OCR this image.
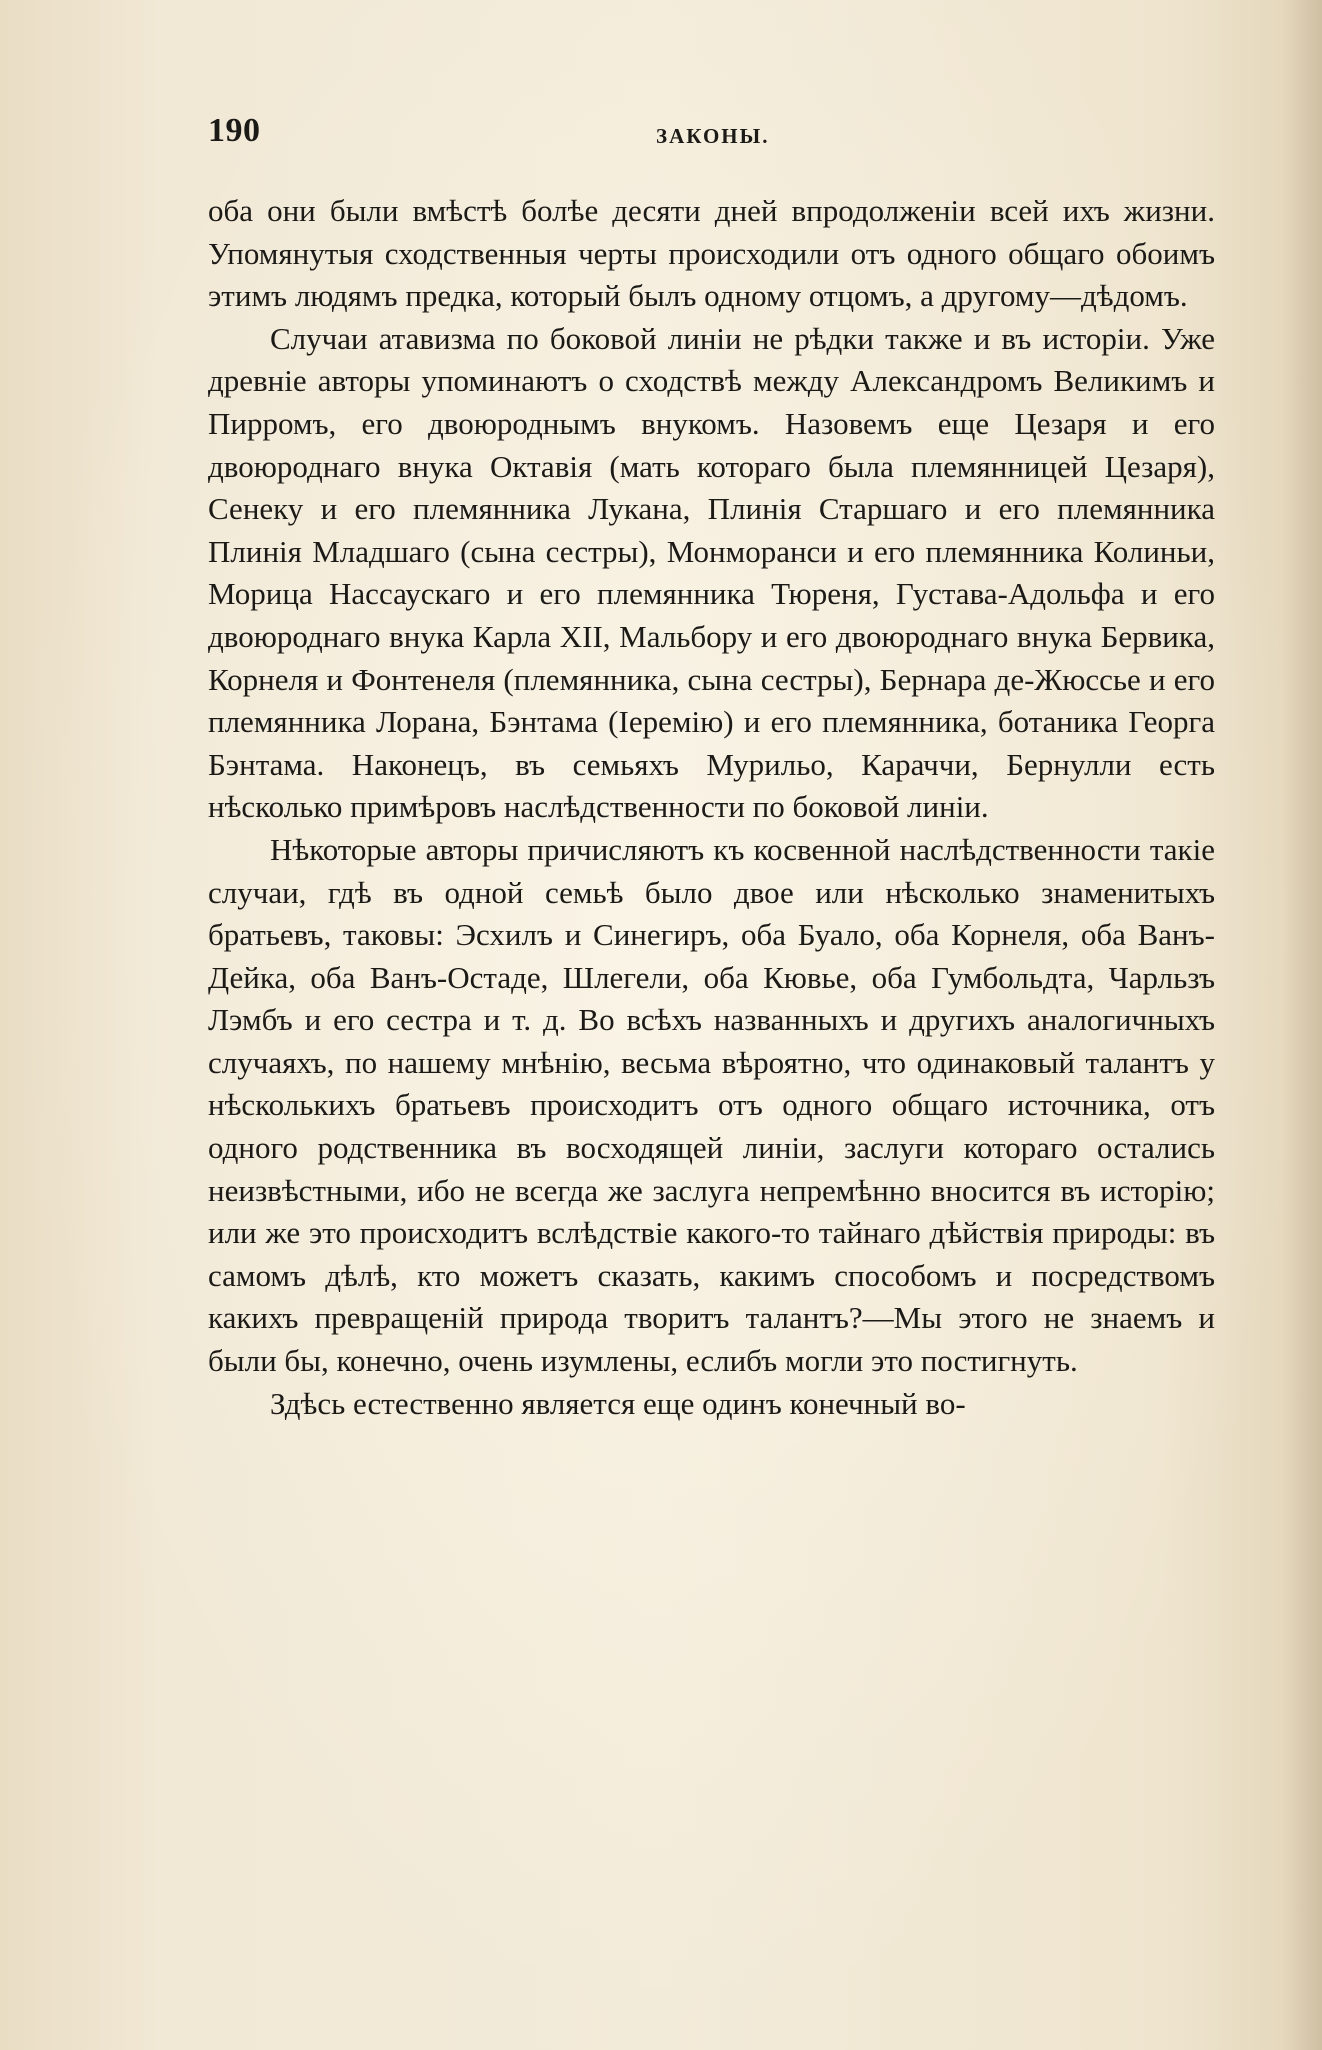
190	ЗАКОНЫ.

оба они были вмѣстѣ болѣе десяти дней впродолженіи всей ихъ жизни. Упомянутыя сходственныя черты происходили отъ одного общаго обоимъ этимъ людямъ предка, который былъ одному отцомъ, а другому—дѣдомъ.

Случаи атавизма по боковой линіи не рѣдки также и въ исторіи. Уже древніе авторы упоминаютъ о сходствѣ между Александромъ Великимъ и Пирромъ, его двоюроднымъ внукомъ. Назовемъ еще Цезаря и его двоюроднаго внука Октавія (мать котораго была племянницей Цезаря), Сенеку и его племянника Лукана, Плинія Старшаго и его племянника Плинія Младшаго (сына сестры), Монморанси и его племянника Колиньи, Морица Нассаускаго и его племянника Тюреня, Густава-Адольфа и его двоюроднаго внука Карла XII, Мальбору и его двоюроднаго внука Бервика, Корнеля и Фонтенеля (племянника, сына сестры), Бернара де-Жюссье и его племянника Лорана, Бэнтама (Іеремію) и его племянника, ботаника Георга Бэнтама. Наконецъ, въ семьяхъ Мурильо, Караччи, Бернулли есть нѣсколько примѣровъ наслѣдственности по боковой линіи.

Нѣкоторые авторы причисляютъ къ косвенной наслѣдственности такіе случаи, гдѣ въ одной семьѣ было двое или нѣсколько знаменитыхъ братьевъ, таковы: Эсхилъ и Синегиръ, оба Буало, оба Корнеля, оба Ванъ-Дейка, оба Ванъ-Остаде, Шлегели, оба Кювье, оба Гумбольдта, Чарльзъ Лэмбъ и его сестра и т. д. Во всѣхъ названныхъ и другихъ аналогичныхъ случаяхъ, по нашему мнѣнію, весьма вѣроятно, что одинаковый талантъ у нѣсколькихъ братьевъ происходитъ отъ одного общаго источника, отъ одного родственника въ восходящей линіи, заслуги котораго остались неизвѣстными, ибо не всегда же заслуга непремѣнно вносится въ исторію; или же это происходитъ вслѣдствіе какого-то тайнаго дѣйствія природы: въ самомъ дѣлѣ, кто можетъ сказать, какимъ способомъ и посредствомъ какихъ превращеній природа творитъ талантъ?—Мы этого не знаемъ и были бы, конечно, очень изумлены, еслибъ могли это постигнуть.

Здѣсь естественно является еще одинъ конечный во-
